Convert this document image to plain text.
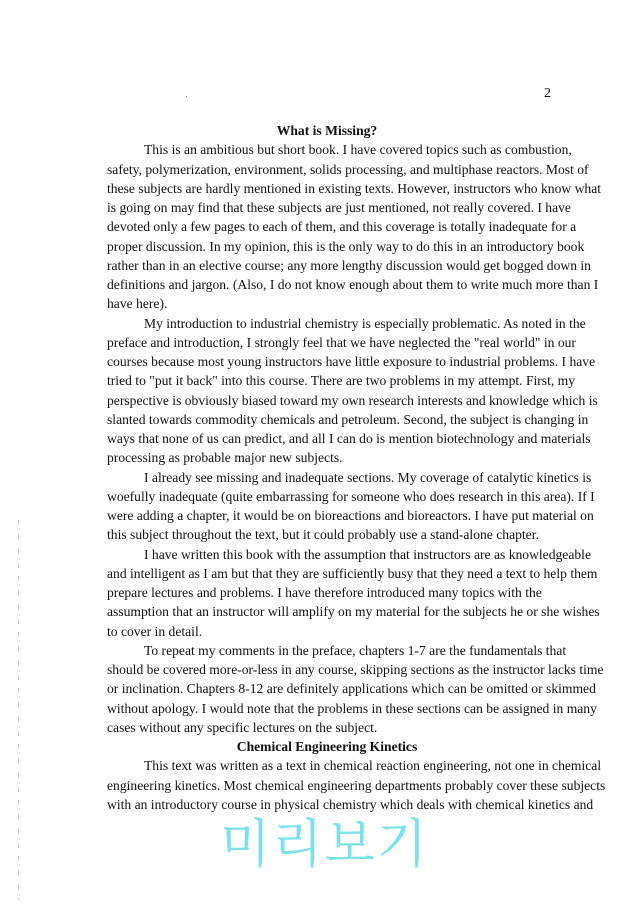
2
What is Missing?
This is an ambitious but short book. I have covered topics such as combustion,
safety, polymerization, environment, solids processing, and multiphase reactors. Most of
these subjects are hardly mentioned in existing texts. However, instructors who know what
is going on may find that these subjects are just mentioned, not really covered. I have
devoted only a few pages to each of them, and this coverage is totally inadequate for a
proper discussion. In my opinion, this is the only way to do this in an introductory book
rather than in an elective course; any more lengthy discussion would get bogged down in
definitions and jargon. (Also, I do not know enough about them to write much more than I
have here).
My introduction to industrial chemistry is especially problematic. As noted in the
preface and introduction, I strongly feel that we have neglected the "real world" in our
courses because most young instructors have little exposure to industrial problems. I have
tried to "put it back" into this course. There are two problems in my attempt. First, my
perspective is obviously biased toward my own research interests and knowledge which is
slanted towards commodity chemicals and petroleum. Second, the subject is changing in
ways that none of us can predict, and all I can do is mention biotechnology and materials
processing as probable major new subjects.
I already see missing and inadequate sections. My coverage of catalytic kinetics is
woefully inadequate (quite embarrassing for someone who does research in this area). If I
were adding a chapter, it would be on bioreactions and bioreactors. I have put material on
this subject throughout the text, but it could probably use a stand-alone chapter.
I have written this book with the assumption that instructors are as knowledgeable
and intelligent as I am but that they are sufficiently busy that they need a text to help them
prepare lectures and problems. I have therefore introduced many topics with the
assumption that an instructor will amplify on my material for the subjects he or she wishes
to cover in detail.
To repeat my comments in the preface, chapters 1-7 are the fundamentals that
should be covered more-or-less in any course, skipping sections as the instructor lacks time
or inclination. Chapters 8-12 are definitely applications which can be omitted or skimmed
without apology. I would note that the problems in these sections can be assigned in many
cases without any specific lectures on the subject.
Chemical Engineering Kinetics
This text was written as a text in chemical reaction engineering, not one in chemical
engineering kinetics. Most chemical engineering departments probably cover these subjects
with an introductory course in physical chemistry which deals with chemical kinetics and
미리보기
